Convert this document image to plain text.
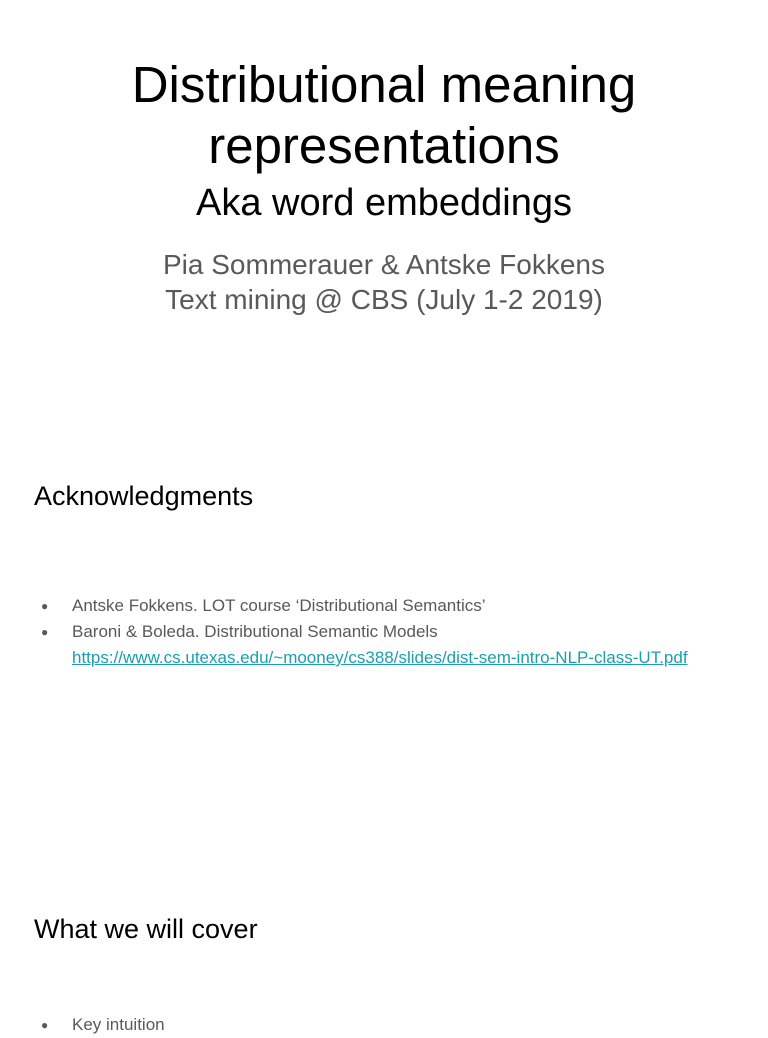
Distributional meaning
representations
Aka word embeddings
Pia Sommerauer & Antske Fokkens
Text mining @ CBS (July 1-2 2019)
Acknowledgments
● Antske Fokkens. LOT course ‘Distributional Semantics’
● Baroni & Boleda. Distributional Semantic Models
https://www.cs.utexas.edu/~mooney/cs388/slides/dist-sem-intro-NLP-class-UT.pdf
What we will cover
● Key intuition
